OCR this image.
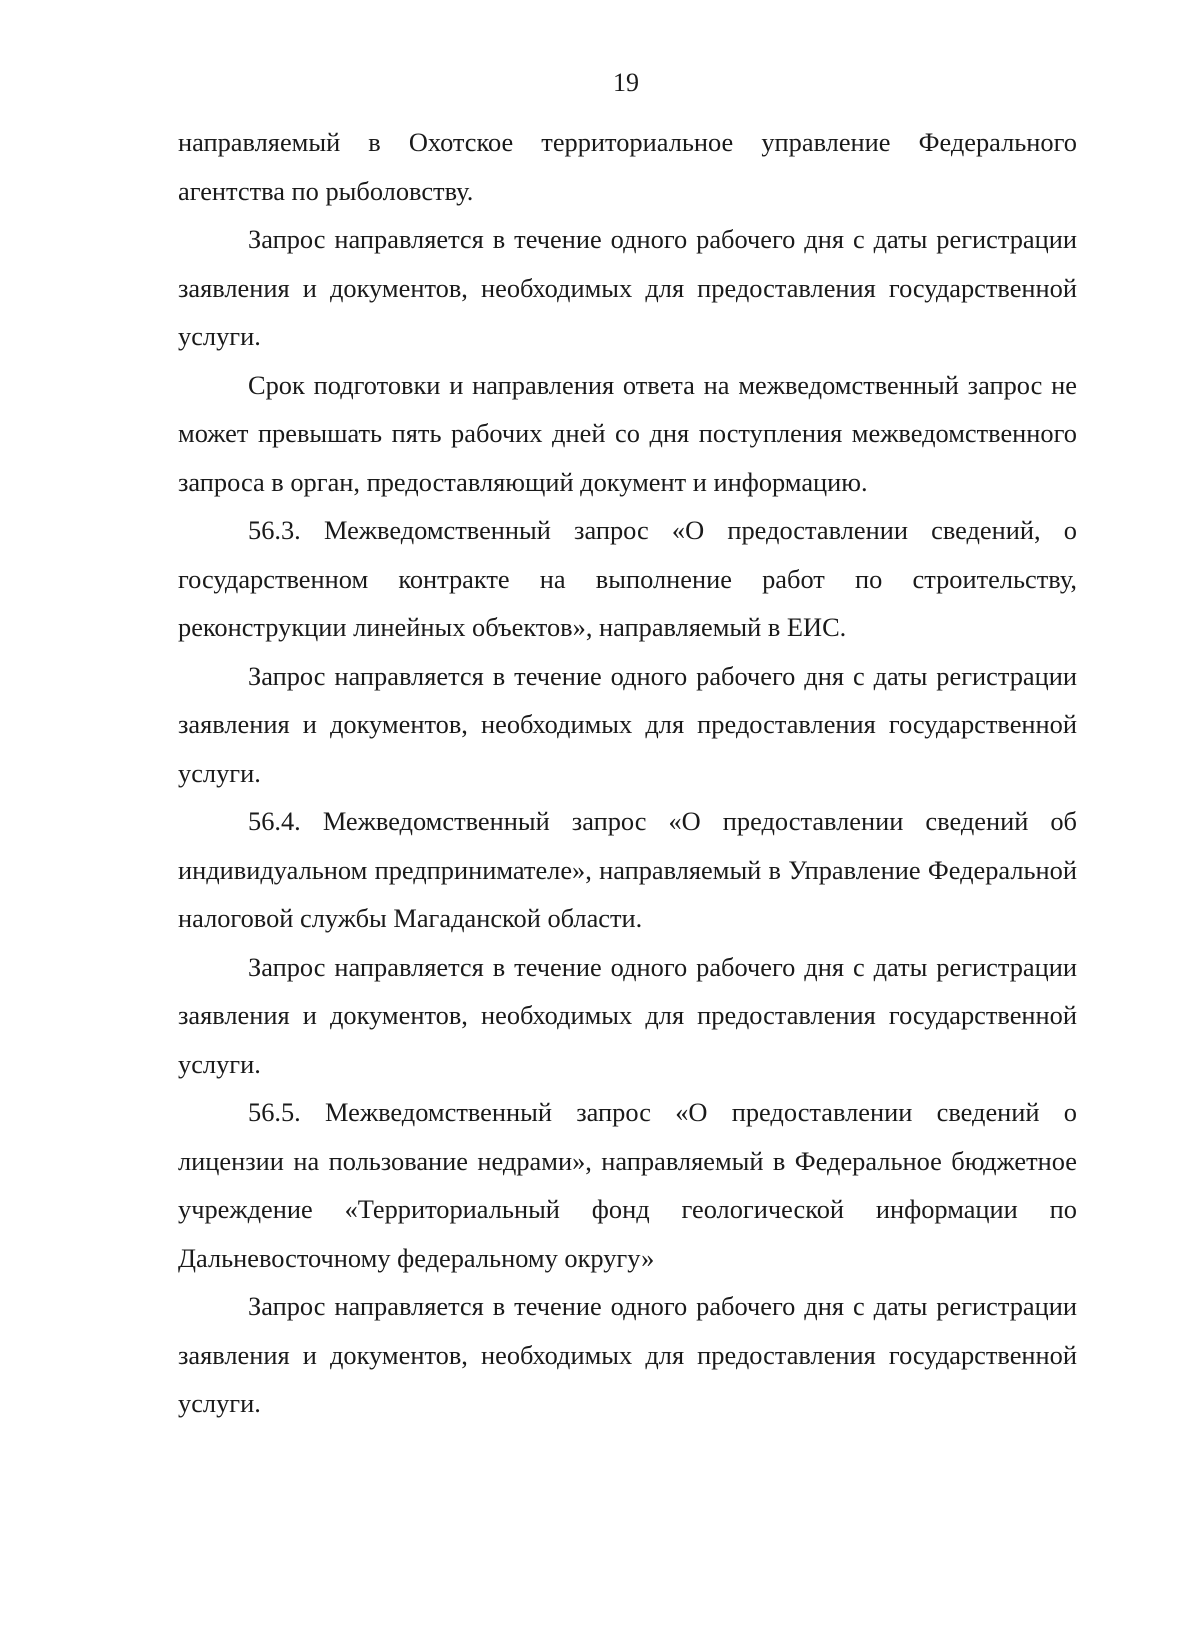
19

направляемый в Охотское территориальное управление Федерального агентства по рыболовству.

Запрос направляется в течение одного рабочего дня с даты регистрации заявления и документов, необходимых для предоставления государственной услуги.

Срок подготовки и направления ответа на межведомственный запрос не может превышать пять рабочих дней со дня поступления межведомственного запроса в орган, предоставляющий документ и информацию.

56.3. Межведомственный запрос «О предоставлении сведений, о государственном контракте на выполнение работ по строительству, реконструкции линейных объектов», направляемый в ЕИС.

Запрос направляется в течение одного рабочего дня с даты регистрации заявления и документов, необходимых для предоставления государственной услуги.

56.4. Межведомственный запрос «О предоставлении сведений об индивидуальном предпринимателе», направляемый в Управление Федеральной налоговой службы Магаданской области.

Запрос направляется в течение одного рабочего дня с даты регистрации заявления и документов, необходимых для предоставления государственной услуги.

56.5. Межведомственный запрос «О предоставлении сведений о лицензии на пользование недрами», направляемый в Федеральное бюджетное учреждение «Территориальный фонд геологической информации по Дальневосточному федеральному округу»

Запрос направляется в течение одного рабочего дня с даты регистрации заявления и документов, необходимых для предоставления государственной услуги.
